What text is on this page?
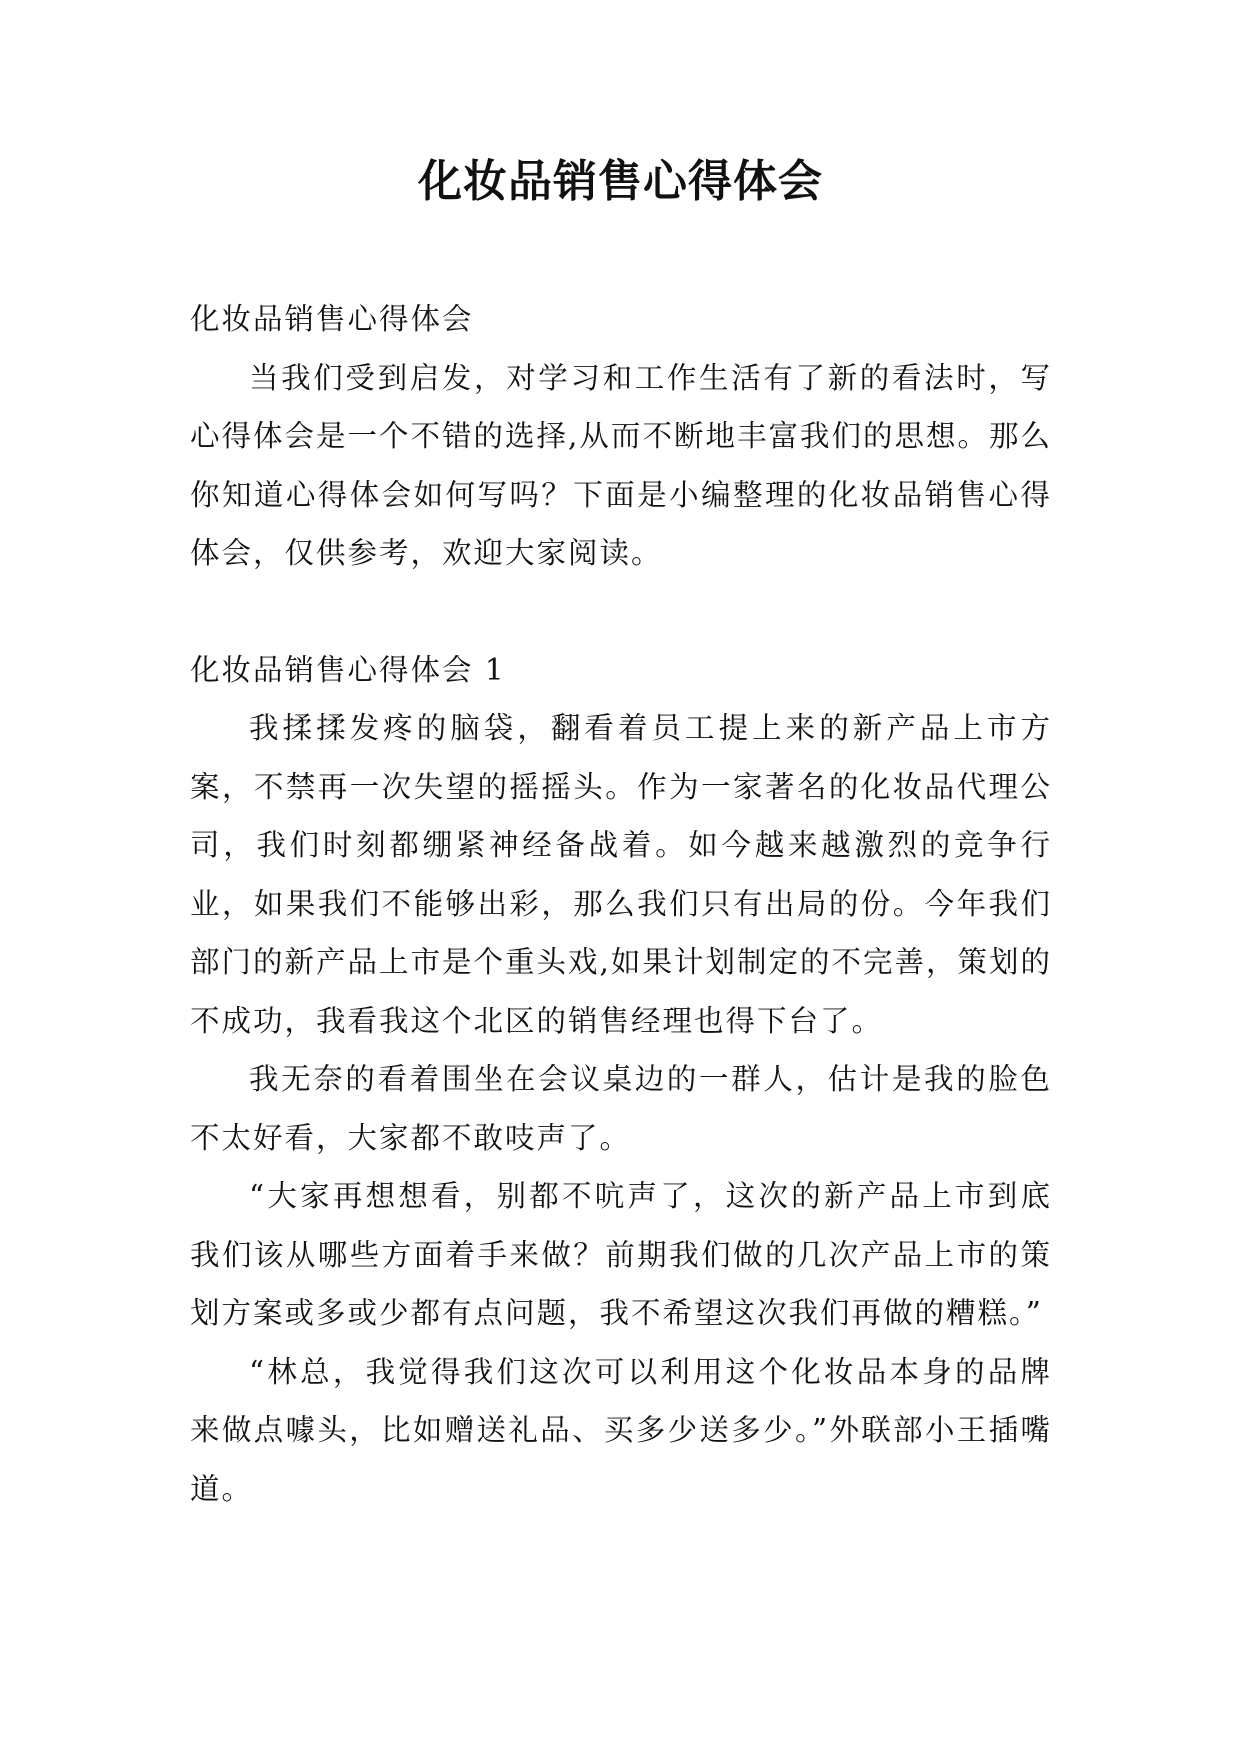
化妆品销售心得体会

化妆品销售心得体会

当我们受到启发，对学习和工作生活有了新的看法时，写心得体会是一个不错的选择,从而不断地丰富我们的思想。那么你知道心得体会如何写吗？下面是小编整理的化妆品销售心得体会，仅供参考，欢迎大家阅读。

化妆品销售心得体会 1

我揉揉发疼的脑袋，翻看着员工提上来的新产品上市方案，不禁再一次失望的摇摇头。作为一家著名的化妆品代理公司，我们时刻都绷紧神经备战着。如今越来越激烈的竞争行业，如果我们不能够出彩，那么我们只有出局的份。今年我们部门的新产品上市是个重头戏,如果计划制定的不完善，策划的不成功，我看我这个北区的销售经理也得下台了。

我无奈的看着围坐在会议桌边的一群人，估计是我的脸色不太好看，大家都不敢吱声了。

“大家再想想看，别都不吭声了，这次的新产品上市到底我们该从哪些方面着手来做？前期我们做的几次产品上市的策划方案或多或少都有点问题，我不希望这次我们再做的糟糕。”

“林总，我觉得我们这次可以利用这个化妆品本身的品牌来做点噱头，比如赠送礼品、买多少送多少。”外联部小王插嘴道。
